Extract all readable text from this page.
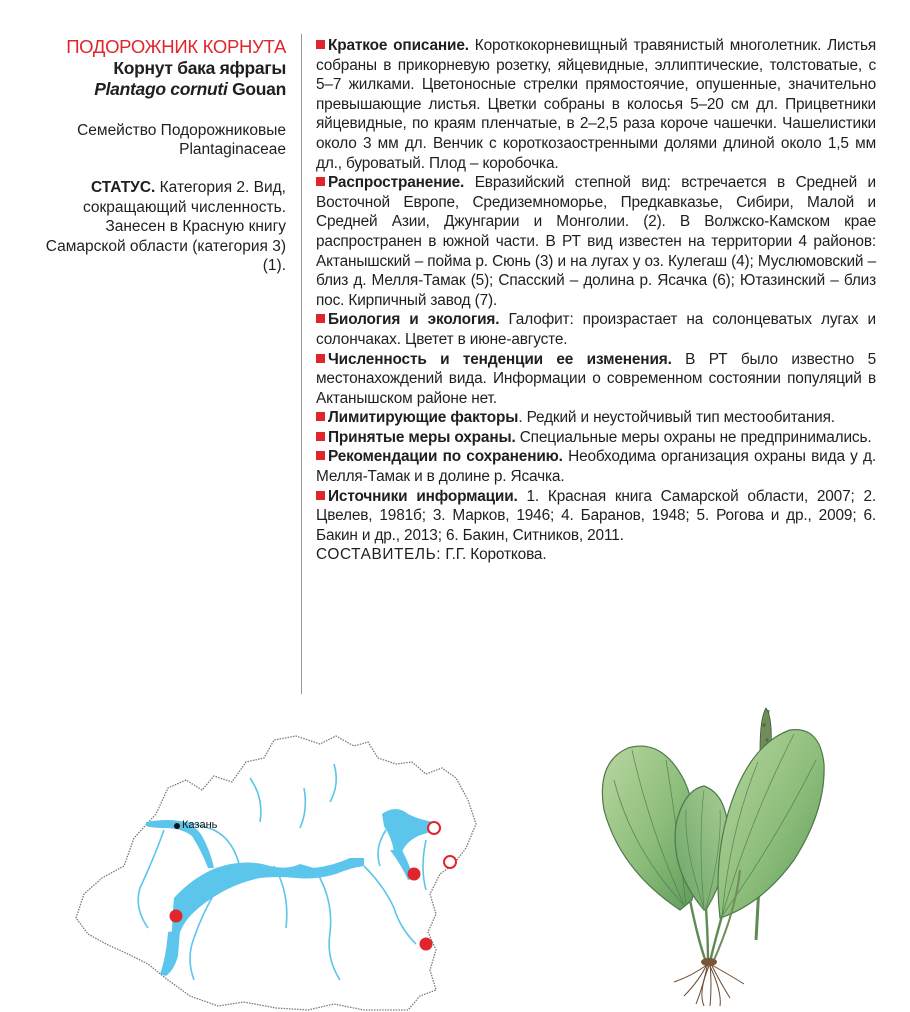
ПОДОРОЖНИК КОРНУТА
Корнут бака яфрагы
Plantago cornuti Gouan
Семейство Подорожниковые
Plantaginaceae
СТАТУС. Категория 2. Вид, сокращающий численность. Занесен в Красную книгу Самарской области (категория 3) (1).

Краткое описание. Короткокорневищный травянистый многолетник. Листья собраны в прикорневую розетку, яйцевидные, эллиптические, толстоватые, с 5–7 жилками. Цветоносные стрелки прямостоячие, опушенные, значительно превышающие листья. Цветки собраны в колосья 5–20 см дл. Прицветники яйцевидные, по краям пленчатые, в 2–2,5 раза короче чашечки. Чашелистики около 3 мм дл. Венчик с короткозаостренными долями длиной около 1,5 мм дл., буроватый. Плод – коробочка.

Распространение. Евразийский степной вид: встречается в Средней и Восточной Европе, Средиземноморье, Предкавказье, Сибири, Малой и Средней Азии, Джунгарии и Монголии. (2). В Волжско-Камском крае распространен в южной части. В РТ вид известен на территории 4 районов: Актанышский – пойма р. Сюнь (3) и на лугах у оз. Кулегаш (4); Муслюмовский – близ д. Мелля-Тамак (5); Спасский – долина р. Ясачка (6); Ютазинский – близ пос. Кирпичный завод (7).

Биология и экология. Галофит: произрастает на солонцеватых лугах и солончаках. Цветет в июне-августе.

Численность и тенденции ее изменения. В РТ было известно 5 местонахождений вида. Информации о современном состоянии популяций в Актанышском районе нет.

Лимитирующие факторы. Редкий и неустойчивый тип местообитания.

Принятые меры охраны. Специальные меры охраны не предпринимались.

Рекомендации по сохранению. Необходима организация охраны вида у д. Мелля-Тамак и в долине р. Ясачка.

Источники информации. 1. Красная книга Самарской области, 2007; 2. Цвелев, 1981б; 3. Марков, 1946; 4. Баранов, 1948; 5. Рогова и др., 2009; 6. Бакин и др., 2013; 6. Бакин, Ситников, 2011.

СОСТАВИТЕЛЬ: Г.Г. Короткова.
Казань
